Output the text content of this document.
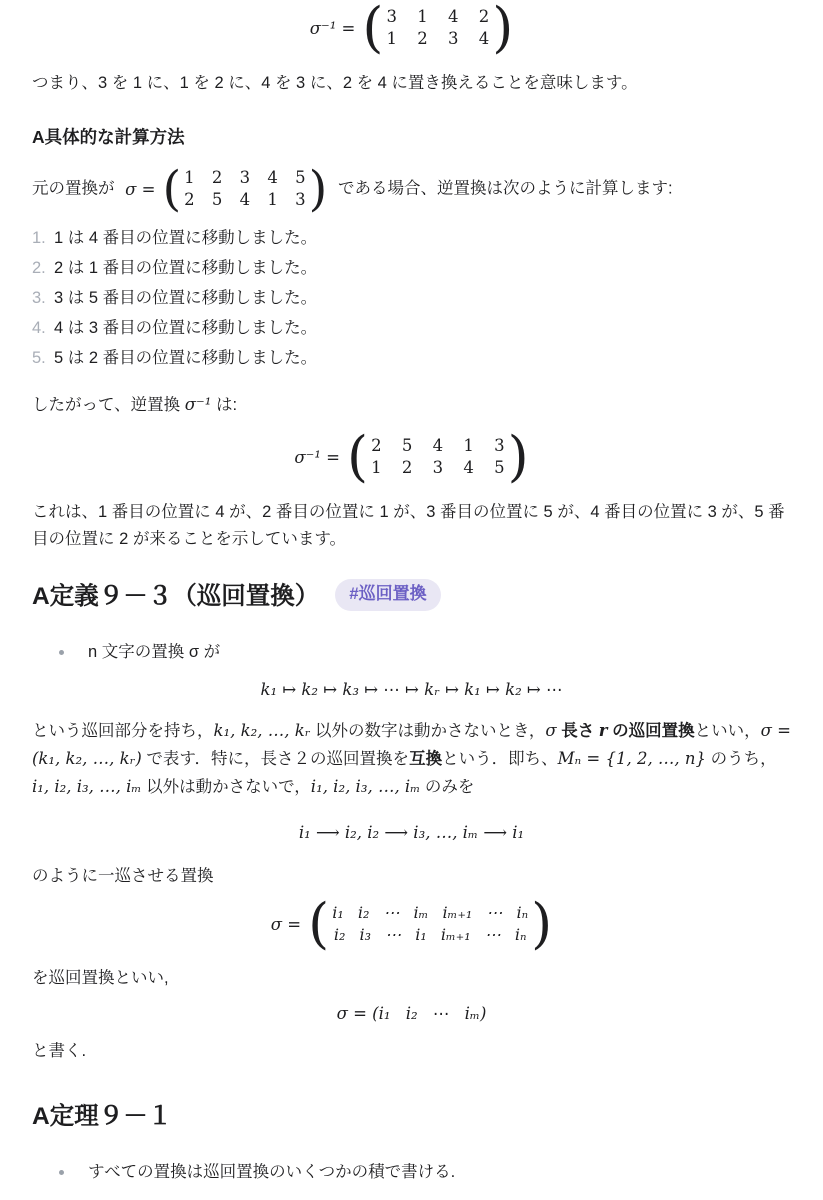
σ⁻¹ = ( 3 1 4 2
1 2 3 4 )

つまり、3 を 1 に、1 を 2 に、4 を 3 に、2 を 4 に置き換えることを意味します。

A具体的な計算方法

元の置換が σ = ( 1 2 3 4 5
2 5 4 1 3 ) である場合、逆置換は次のように計算します:

1. 1 は 4 番目の位置に移動しました。
2. 2 は 1 番目の位置に移動しました。
3. 3 は 5 番目の位置に移動しました。
4. 4 は 3 番目の位置に移動しました。
5. 5 は 2 番目の位置に移動しました。

したがって、逆置換 σ⁻¹ は:

σ⁻¹ = ( 2 5 4 1 3
1 2 3 4 5 )

これは、1 番目の位置に 4 が、2 番目の位置に 1 が、3 番目の位置に 5 が、4 番目の位置に 3 が、5 番目の位置に 2 が来ることを示しています。

A定義９－３（巡回置換）	#巡回置換
n 文字の置換 σ が
k₁ ↦ k₂ ↦ k₃ ↦ ⋯ ↦ kᵣ ↦ k₁ ↦ k₂ ↦ ⋯

という巡回部分を持ち，k₁, k₂, …, kᵣ 以外の数字は動かさないとき，σ 長さ r の巡回置換といい，σ = (k₁, k₂, …, kᵣ) で表す．特に，長さ２の巡回置換を互換という．即ち、Mₙ = {1, 2, …, n} のうち，i₁, i₂, i₃, …, iₘ 以外は動かさないで，i₁, i₂, i₃, …, iₘ のみを

i₁ ⟶ i₂, i₂ ⟶ i₃, …, iₘ ⟶ i₁

のように一巡させる置換

σ = ( i₁ i₂ ⋯ iₘ iₘ₊₁ ⋯ iₙ
i₂ i₃ ⋯ i₁ iₘ₊₁ ⋯ iₙ )

を巡回置換といい,

σ = ( i₁ i₂ ⋯ iₘ )

と書く.

A定理９－１
すべての置換は巡回置換のいくつかの積で書ける.
